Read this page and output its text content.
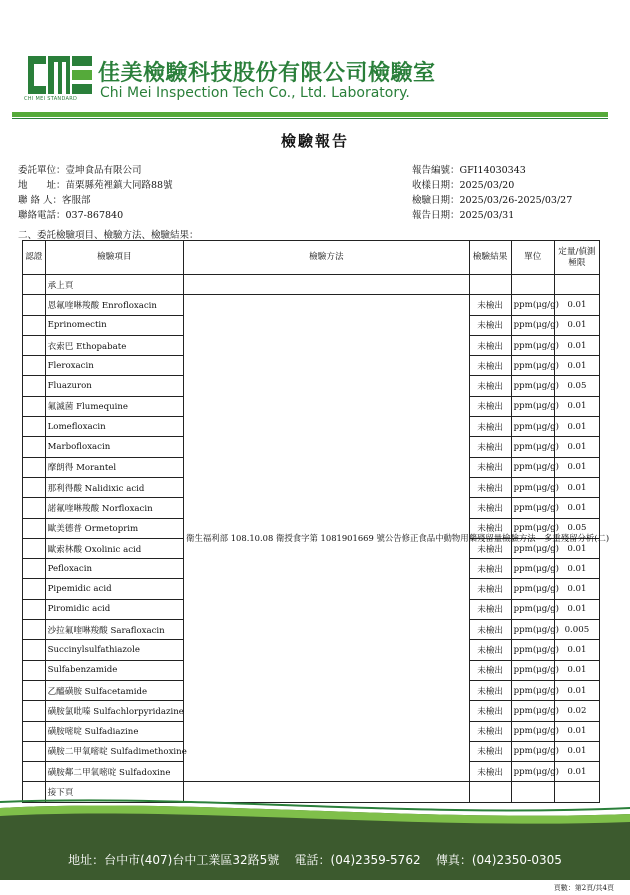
CHI MEI STANDARD
佳美檢驗科技股份有限公司檢驗室
Chi Mei Inspection Tech Co., Ltd. Laboratory.
檢驗報告
委託單位：壹坤食品有限公司
地　　址：苗栗縣苑裡鎮大同路88號
聯 絡 人：客服部
聯絡電話：037-867840
報告編號：GFI14030343
收樣日期：2025/03/20
檢驗日期：2025/03/26-2025/03/27
報告日期：2025/03/31
二、委託檢驗項目、檢驗方法、檢驗結果：
認證	檢驗項目	檢驗方法	檢驗結果	單位	定量/偵測極限
	承上頁				
	恩氟喹啉羧酸 Enrofloxacin	衛生福利部 108.10.08 衛授食字第 1081901669 號公告修正食品中動物用藥殘留量檢驗方法—多重殘留分析(二)	未檢出	ppm(μg/g)	0.01
	Eprinomectin		未檢出	ppm(μg/g)	0.01
	衣索巴 Ethopabate		未檢出	ppm(μg/g)	0.01
	Fleroxacin		未檢出	ppm(μg/g)	0.01
	Fluazuron		未檢出	ppm(μg/g)	0.05
	氟滅菌 Flumequine		未檢出	ppm(μg/g)	0.01
	Lomefloxacin		未檢出	ppm(μg/g)	0.01
	Marbofloxacin		未檢出	ppm(μg/g)	0.01
	摩朗得 Morantel		未檢出	ppm(μg/g)	0.01
	那利得酸 Nalidixic acid		未檢出	ppm(μg/g)	0.01
	諾氟喹啉羧酸 Norfloxacin		未檢出	ppm(μg/g)	0.01
	歐美德普 Ormetoprim		未檢出	ppm(μg/g)	0.05
	歐索林酸 Oxolinic acid		未檢出	ppm(μg/g)	0.01
	Pefloxacin		未檢出	ppm(μg/g)	0.01
	Pipemidic acid		未檢出	ppm(μg/g)	0.01
	Piromidic acid		未檢出	ppm(μg/g)	0.01
	沙拉氟喹啉羧酸 Sarafloxacin		未檢出	ppm(μg/g)	0.005
	Succinylsulfathiazole		未檢出	ppm(μg/g)	0.01
	Sulfabenzamide		未檢出	ppm(μg/g)	0.01
	乙醯磺胺 Sulfacetamide		未檢出	ppm(μg/g)	0.01
	磺胺氯吡嗪 Sulfachlorpyridazine		未檢出	ppm(μg/g)	0.02
	磺胺嘧啶 Sulfadiazine		未檢出	ppm(μg/g)	0.01
	磺胺二甲氧嘧啶 Sulfadimethoxine		未檢出	ppm(μg/g)	0.01
	磺胺鄰二甲氧嘧啶 Sulfadoxine		未檢出	ppm(μg/g)	0.01
	接下頁				
地址：台中市(407)台中工業區32路5號 電話：(04)2359-5762 傳真：(04)2350-0305
頁數：第2頁/共4頁
